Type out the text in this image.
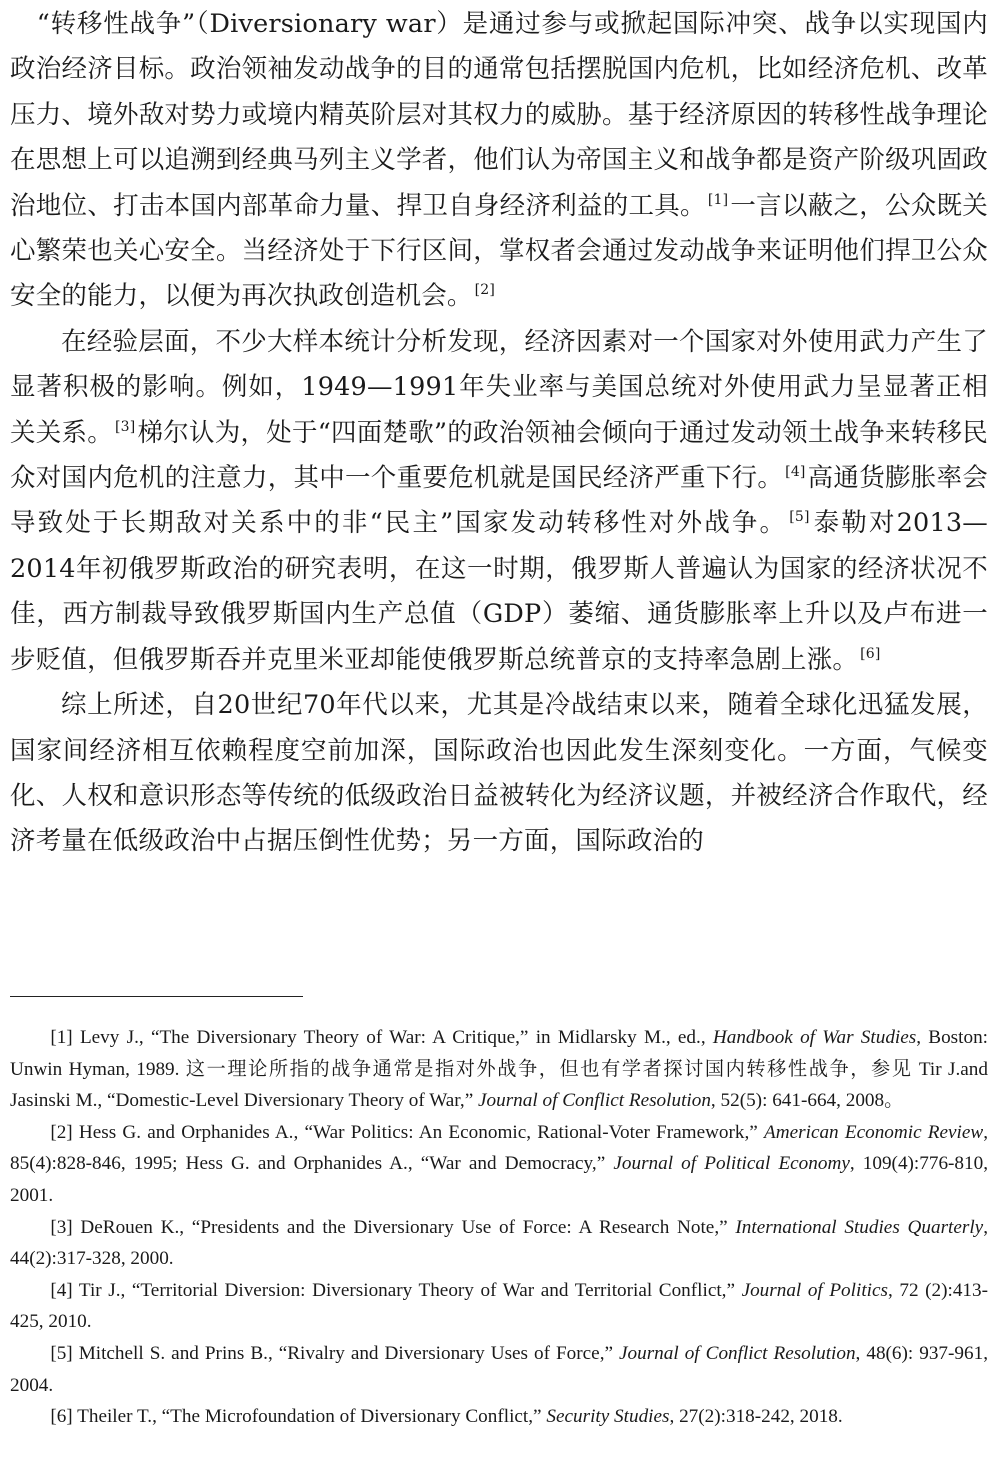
“转移性战争”（Diversionary war）是通过参与或掀起国际冲突、战争以实现国内政治经济目标。政治领袖发动战争的目的通常包括摆脱国内危机，比如经济危机、改革压力、境外敌对势力或境内精英阶层对其权力的威胁。基于经济原因的转移性战争理论在思想上可以追溯到经典马列主义学者，他们认为帝国主义和战争都是资产阶级巩固政治地位、打击本国内部革命力量、捍卫自身经济利益的工具。 [1]一言以蔽之，公众既关心繁荣也关心安全。当经济处于下行区间，掌权者会通过发动战争来证明他们捍卫公众安全的能力，以便为再次执政创造机会。 [2]

在经验层面，不少大样本统计分析发现，经济因素对一个国家对外使用武力产生了显著积极的影响。例如，1949—1991年失业率与美国总统对外使用武力呈显著正相关关系。 [3]梯尔认为，处于“四面楚歌”的政治领袖会倾向于通过发动领土战争来转移民众对国内危机的注意力，其中一个重要危机就是国民经济严重下行。 [4]高通货膨胀率会导致处于长期敌对关系中的非“民主”国家发动转移性对外战争。 [5]泰勒对2013—2014年初俄罗斯政治的研究表明，在这一时期，俄罗斯人普遍认为国家的经济状况不佳，西方制裁导致俄罗斯国内生产总值（GDP）萎缩、通货膨胀率上升以及卢布进一步贬值，但俄罗斯吞并克里米亚却能使俄罗斯总统普京的支持率急剧上涨。 [6]

综上所述，自20世纪70年代以来，尤其是冷战结束以来，随着全球化迅猛发展，国家间经济相互依赖程度空前加深，国际政治也因此发生深刻变化。一方面，气候变化、人权和意识形态等传统的低级政治日益被转化为经济议题，并被经济合作取代，经济考量在低级政治中占据压倒性优势；另一方面，国际政治的

[1] Levy J., “The Diversionary Theory of War: A Critique,” in Midlarsky M., ed., Handbook of War Studies, Boston: Unwin Hyman, 1989. 这一理论所指的战争通常是指对外战争，但也有学者探讨国内转移性战争，参见 Tir J.and Jasinski M., “Domestic-Level Diversionary Theory of War,” Journal of Conflict Resolution, 52(5): 641-664, 2008。

[2] Hess G. and Orphanides A., “War Politics: An Economic, Rational-Voter Framework,” American Economic Review, 85(4):828-846, 1995; Hess G. and Orphanides A., “War and Democracy,” Journal of Political Economy, 109(4):776-810, 2001.

[3] DeRouen K., “Presidents and the Diversionary Use of Force: A Research Note,” International Studies Quarterly, 44(2):317-328, 2000.

[4] Tir J., “Territorial Diversion: Diversionary Theory of War and Territorial Conflict,” Journal of Politics, 72 (2):413-425, 2010.

[5] Mitchell S. and Prins B., “Rivalry and Diversionary Uses of Force,” Journal of Conflict Resolution, 48(6): 937-961, 2004.

[6] Theiler T., “The Microfoundation of Diversionary Conflict,” Security Studies, 27(2):318-242, 2018.
